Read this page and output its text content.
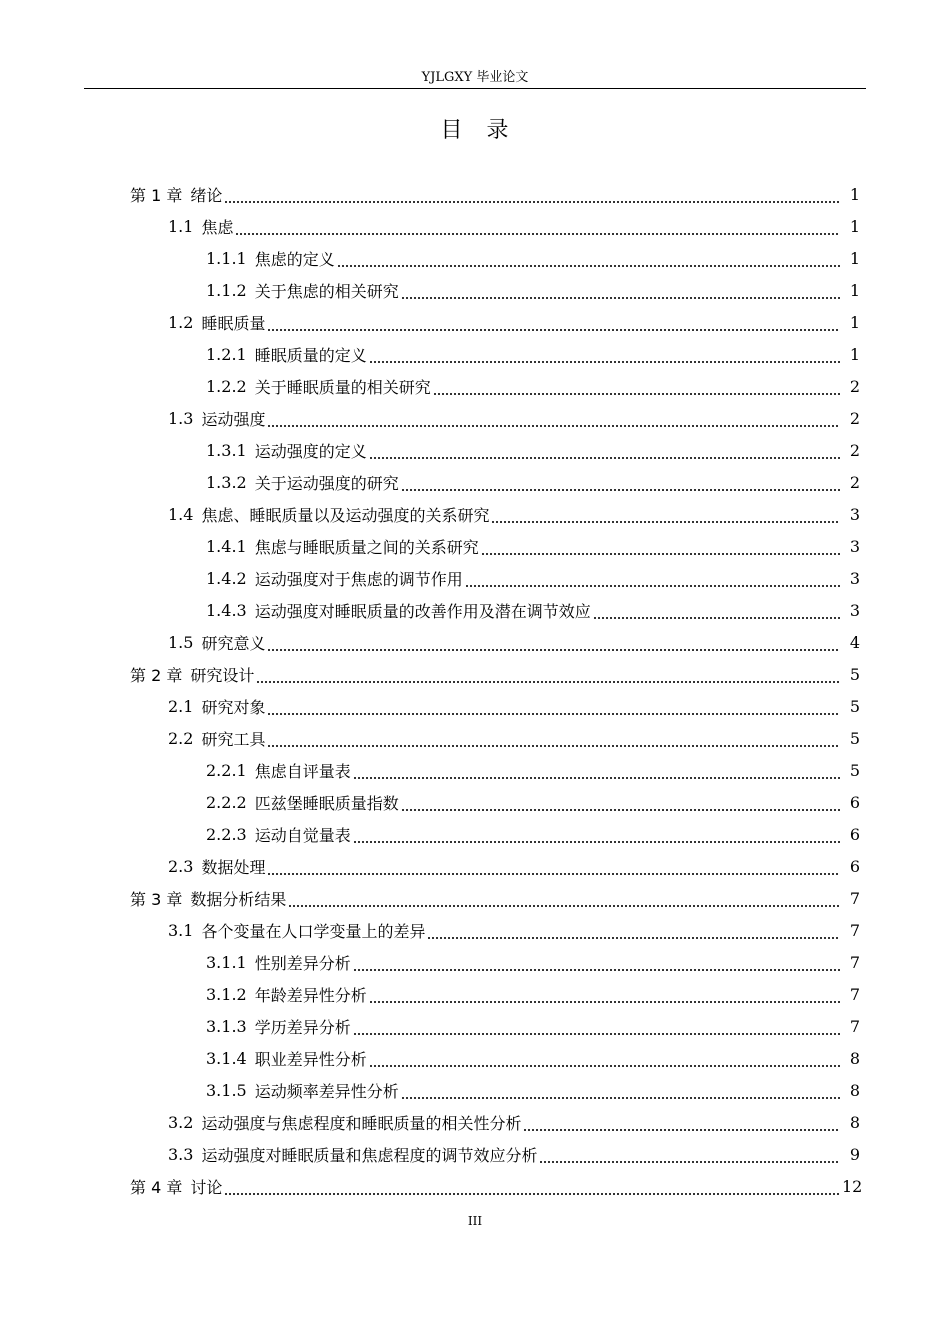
YJLGXY 毕业论文
目　录
第 1 章 绪论	1
1.1 焦虑	1
1.1.1 焦虑的定义	1
1.1.2 关于焦虑的相关研究	1
1.2 睡眠质量	1
1.2.1 睡眠质量的定义	1
1.2.2 关于睡眠质量的相关研究	2
1.3 运动强度	2
1.3.1 运动强度的定义	2
1.3.2 关于运动强度的研究	2
1.4 焦虑、睡眠质量以及运动强度的关系研究	3
1.4.1 焦虑与睡眠质量之间的关系研究	3
1.4.2 运动强度对于焦虑的调节作用	3
1.4.3 运动强度对睡眠质量的改善作用及潜在调节效应	3
1.5 研究意义	4
第 2 章 研究设计	5
2.1 研究对象	5
2.2 研究工具	5
2.2.1 焦虑自评量表	5
2.2.2 匹兹堡睡眠质量指数	6
2.2.3 运动自觉量表	6
2.3 数据处理	6
第 3 章 数据分析结果	7
3.1 各个变量在人口学变量上的差异	7
3.1.1 性别差异分析	7
3.1.2 年龄差异性分析	7
3.1.3 学历差异分析	7
3.1.4 职业差异性分析	8
3.1.5 运动频率差异性分析	8
3.2 运动强度与焦虑程度和睡眠质量的相关性分析	8
3.3 运动强度对睡眠质量和焦虑程度的调节效应分析	9
第 4 章 讨论	12
III
